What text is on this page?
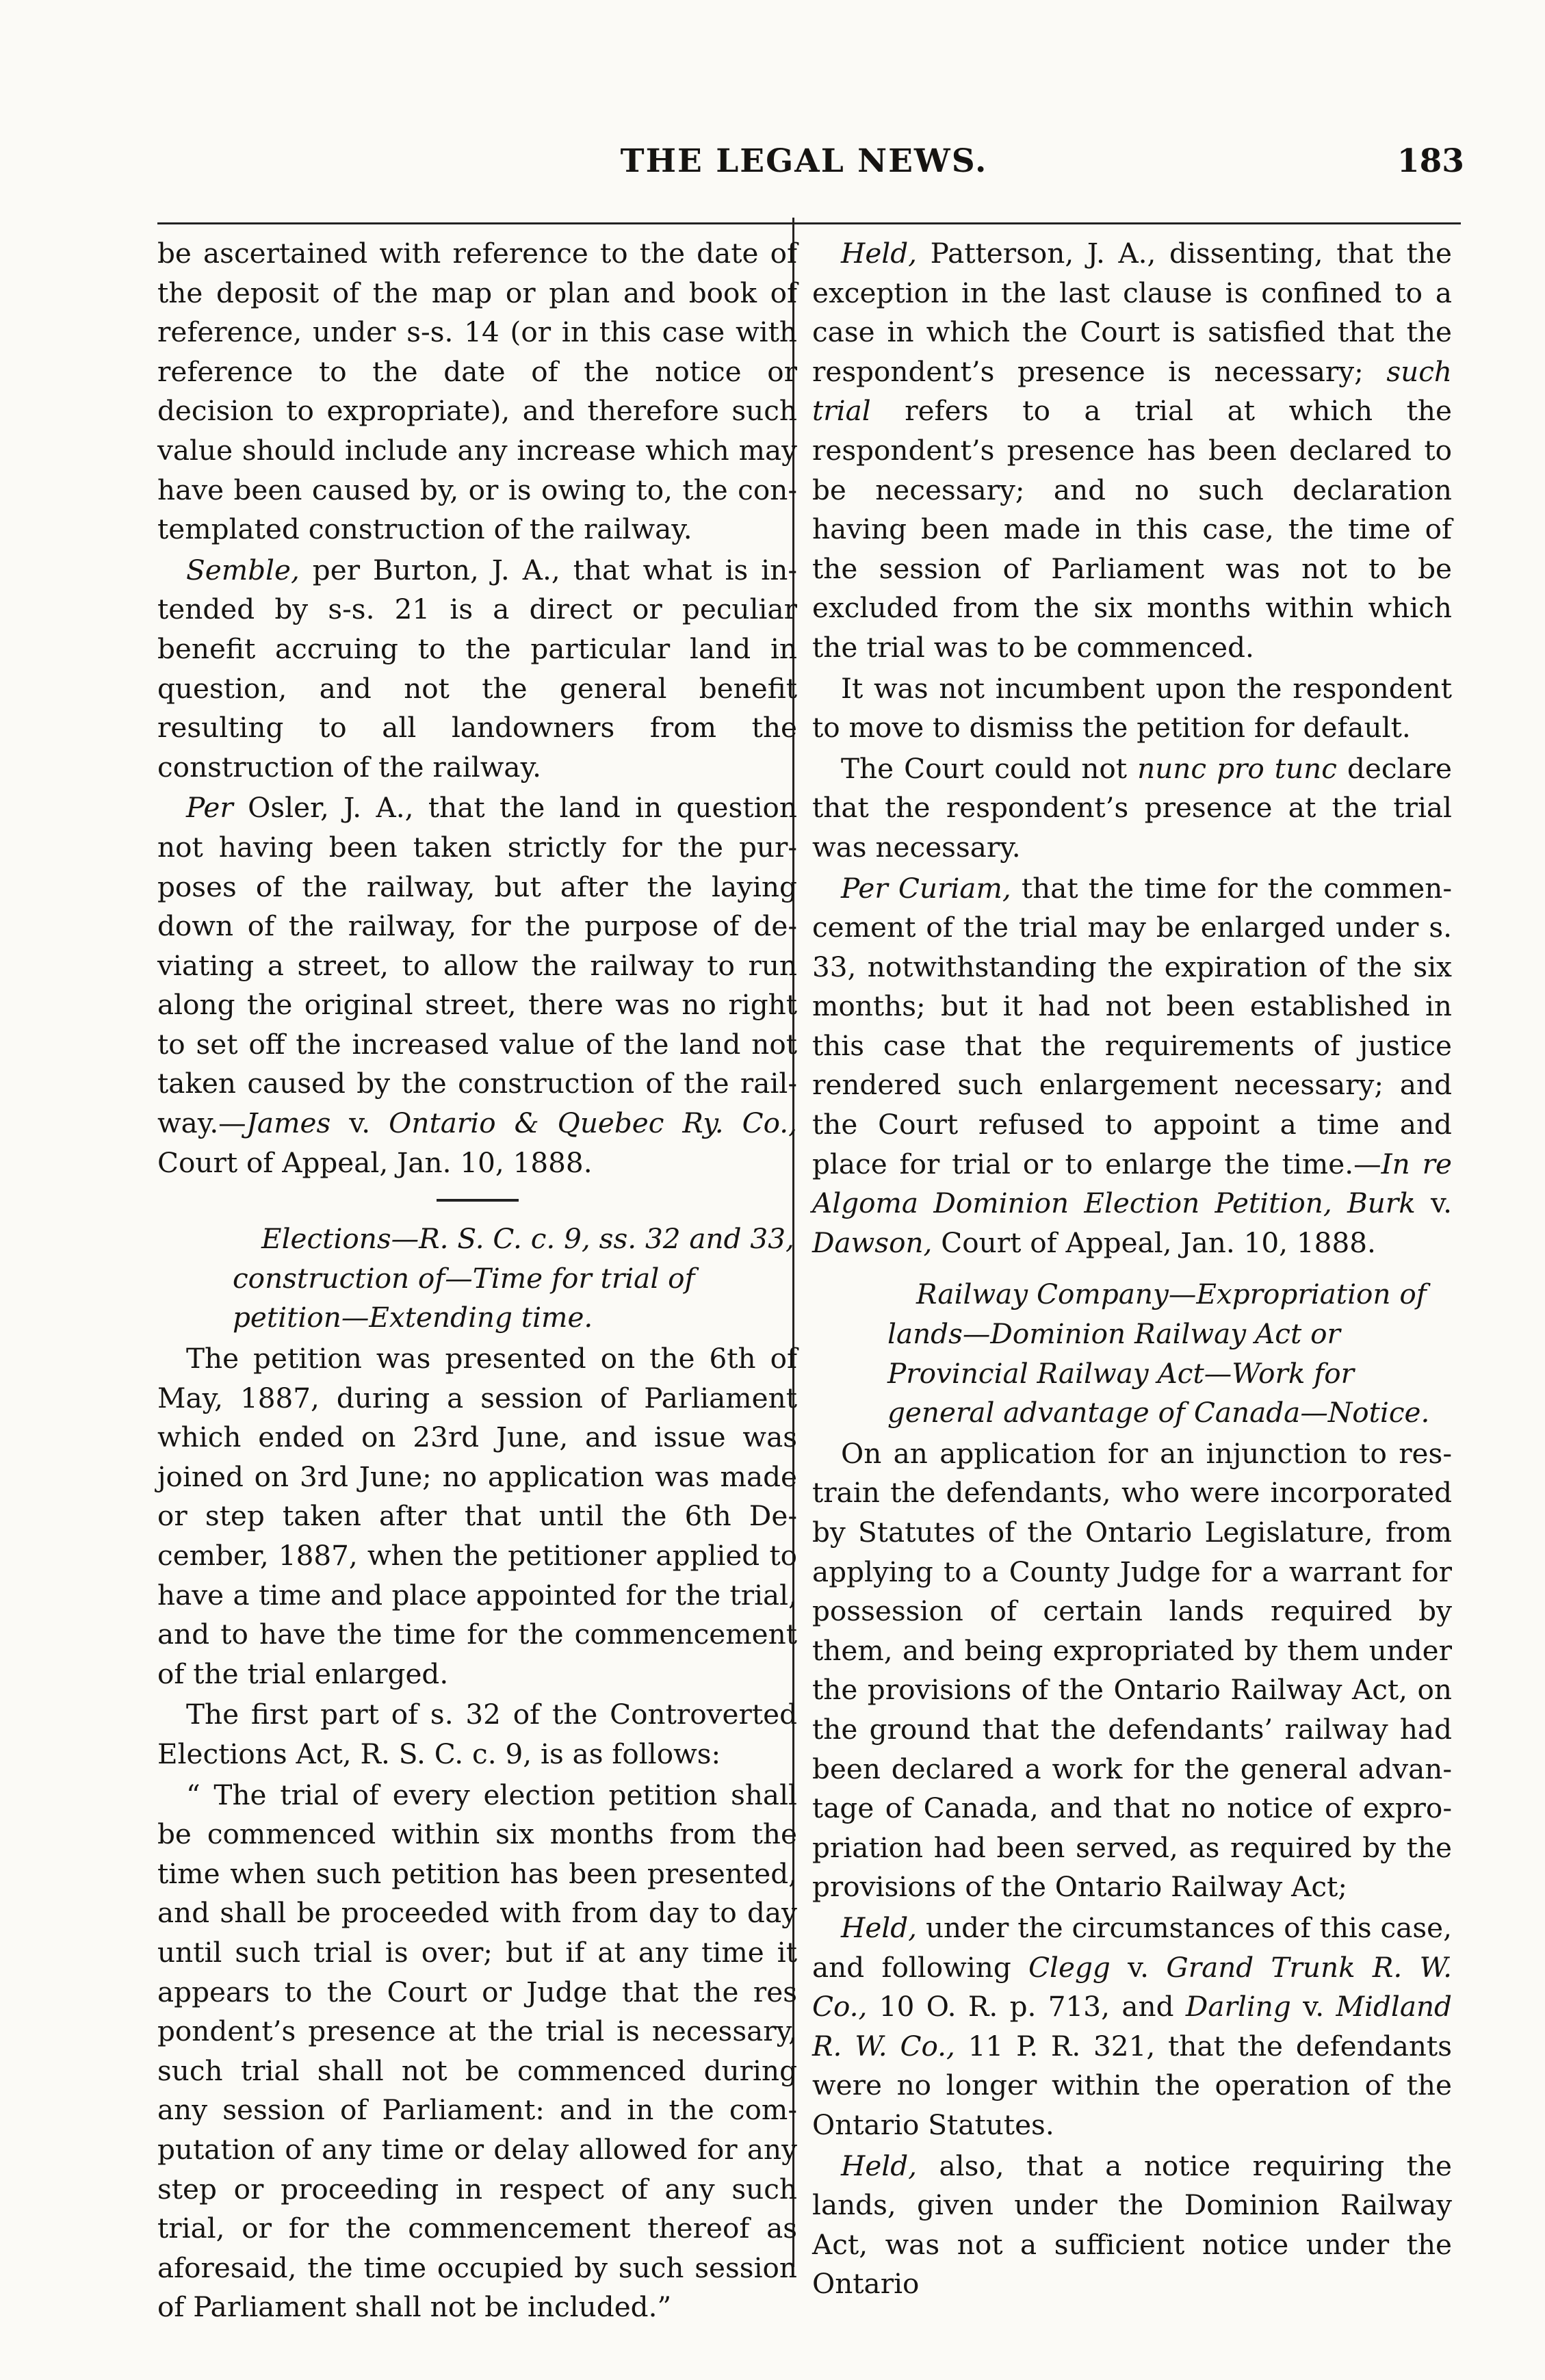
THE LEGAL NEWS.	183

be ascertained with reference to the date of the deposit of the map or plan and book of reference, under s-s. 14 (or in this case with reference to the date of the notice or decision to expropriate), and therefore such value should include any increase which may have been caused by, or is owing to, the contemplated construction of the railway.

Semble, per Burton, J. A., that what is intended by s-s. 21 is a direct or peculiar benefit accruing to the particular land in question, and not the general benefit resulting to all landowners from the construction of the railway.

Per Osler, J. A., that the land in question not having been taken strictly for the purposes of the railway, but after the laying down of the railway, for the purpose of deviating a street, to allow the railway to run along the original street, there was no right to set off the increased value of the land not taken caused by the construction of the railway.—James v. Ontario & Quebec Ry. Co., Court of Appeal, Jan. 10, 1888.

Elections—R. S. C. c. 9, ss. 32 and 33, construction of—Time for trial of petition—Extending time.

The petition was presented on the 6th of May, 1887, during a session of Parliament which ended on 23rd June, and issue was joined on 3rd June; no application was made or step taken after that until the 6th December, 1887, when the petitioner applied to have a time and place appointed for the trial, and to have the time for the commencement of the trial enlarged.

The first part of s. 32 of the Controverted Elections Act, R. S. C. c. 9, is as follows:

“ The trial of every election petition shall be commenced within six months from the time when such petition has been presented, and shall be proceeded with from day to day until such trial is over; but if at any time it appears to the Court or Judge that the res pondent’s presence at the trial is necessary, such trial shall not be commenced during any session of Parliament: and in the computation of any time or delay allowed for any step or proceeding in respect of any such trial, or for the commencement thereof as aforesaid, the time occupied by such session of Parliament shall not be included.”

Held, Patterson, J. A., dissenting, that the exception in the last clause is confined to a case in which the Court is satisfied that the respondent’s presence is necessary; such trial refers to a trial at which the respondent’s presence has been declared to be necessary; and no such declaration having been made in this case, the time of the session of Parliament was not to be excluded from the six months within which the trial was to be commenced.

It was not incumbent upon the respondent to move to dismiss the petition for default.

The Court could not nunc pro tunc declare that the respondent’s presence at the trial was necessary.

Per Curiam, that the time for the commencement of the trial may be enlarged under s. 33, notwithstanding the expiration of the six months; but it had not been established in this case that the requirements of justice rendered such enlargement necessary; and the Court refused to appoint a time and place for trial or to enlarge the time.—In re Algoma Dominion Election Petition, Burk v. Dawson, Court of Appeal, Jan. 10, 1888.

Railway Company—Expropriation of lands—Dominion Railway Act or Provincial Railway Act—Work for general advantage of Canada—Notice.

On an application for an injunction to restrain the defendants, who were incorporated by Statutes of the Ontario Legislature, from applying to a County Judge for a warrant for possession of certain lands required by them, and being expropriated by them under the provisions of the Ontario Railway Act, on the ground that the defendants’ railway had been declared a work for the general advantage of Canada, and that no notice of expropriation had been served, as required by the provisions of the Ontario Railway Act;

Held, under the circumstances of this case, and following Clegg v. Grand Trunk R. W. Co., 10 O. R. p. 713, and Darling v. Midland R. W. Co., 11 P. R. 321, that the defendants were no longer within the operation of the Ontario Statutes.

Held, also, that a notice requiring the lands, given under the Dominion Railway Act, was not a sufficient notice under the Ontario
